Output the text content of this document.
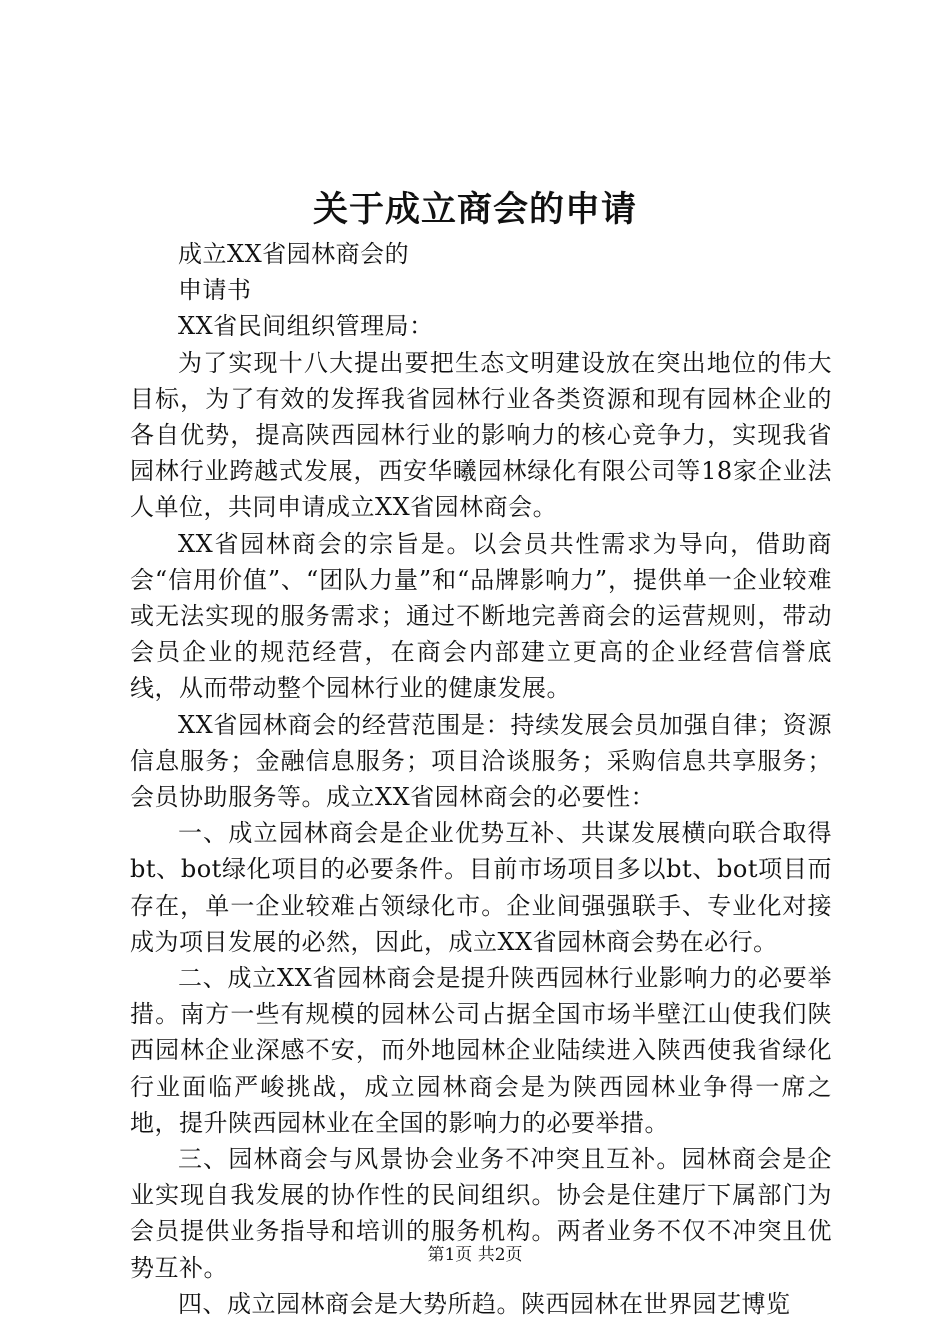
关于成立商会的申请

成立XX省园林商会的

申请书

XX省民间组织管理局：

为了实现十八大提出要把生态文明建设放在突出地位的伟大目标，为了有效的发挥我省园林行业各类资源和现有园林企业的各自优势，提高陕西园林行业的影响力的核心竞争力，实现我省园林行业跨越式发展，西安华曦园林绿化有限公司等18家企业法人单位，共同申请成立XX省园林商会。

XX省园林商会的宗旨是。以会员共性需求为导向，借助商会“信用价值”、“团队力量”和“品牌影响力”，提供单一企业较难或无法实现的服务需求；通过不断地完善商会的运营规则，带动会员企业的规范经营，在商会内部建立更高的企业经营信誉底线，从而带动整个园林行业的健康发展。

XX省园林商会的经营范围是：持续发展会员加强自律；资源信息服务；金融信息服务；项目洽谈服务；采购信息共享服务；会员协助服务等。成立XX省园林商会的必要性：

一、成立园林商会是企业优势互补、共谋发展横向联合取得bt、bot绿化项目的必要条件。目前市场项目多以bt、bot项目而存在，单一企业较难占领绿化市。企业间强强联手、专业化对接成为项目发展的必然，因此，成立XX省园林商会势在必行。

二、成立XX省园林商会是提升陕西园林行业影响力的必要举措。南方一些有规模的园林公司占据全国市场半壁江山使我们陕西园林企业深感不安，而外地园林企业陆续进入陕西使我省绿化行业面临严峻挑战，成立园林商会是为陕西园林业争得一席之地，提升陕西园林业在全国的影响力的必要举措。

三、园林商会与风景协会业务不冲突且互补。园林商会是企业实现自我发展的协作性的民间组织。协会是住建厅下属部门为会员提供业务指导和培训的服务机构。两者业务不仅不冲突且优势互补。

四、成立园林商会是大势所趋。陕西园林在世界园艺博览

第1页 共2页
